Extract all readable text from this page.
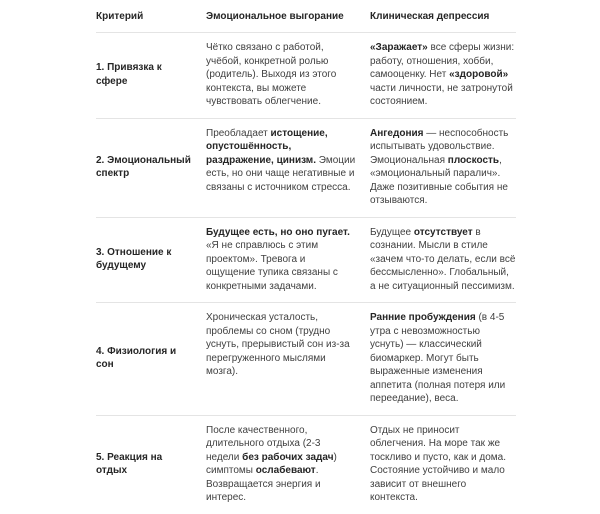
Критерий	Эмоциональное выгорание	Клиническая депрессия
1. Привязка к сфере	Чётко связано с работой, учёбой, конкретной ролью (родитель). Выходя из этого контекста, вы можете чувствовать облегчение.	«Заражает» все сферы жизни: работу, отношения, хобби, самооценку. Нет «здоровой» части личности, не затронутой состоянием.
2. Эмоциональный спектр	Преобладает истощение, опустошённость, раздражение, цинизм. Эмоции есть, но они чаще негативные и связаны с источником стресса.	Ангедония — неспособность испытывать удовольствие. Эмоциональная плоскость, «эмоциональный паралич». Даже позитивные события не отзываются.
3. Отношение к будущему	Будущее есть, но оно пугает. «Я не справлюсь с этим проектом». Тревога и ощущение тупика связаны с конкретными задачами.	Будущее отсутствует в сознании. Мысли в стиле «зачем что-то делать, если всё бессмысленно». Глобальный, а не ситуационный пессимизм.
4. Физиология и сон	Хроническая усталость, проблемы со сном (трудно уснуть, прерывистый сон из-за перегруженного мыслями мозга).	Ранние пробуждения (в 4-5 утра с невозможностью уснуть) — классический биомаркер. Могут быть выраженные изменения аппетита (полная потеря или переедание), веса.
5. Реакция на отдых	После качественного, длительного отдыха (2-3 недели без рабочих задач) симптомы ослабевают. Возвращается энергия и интерес.	Отдых не приносит облегчения. На море так же тоскливо и пусто, как и дома. Состояние устойчиво и мало зависит от внешнего контекста.
